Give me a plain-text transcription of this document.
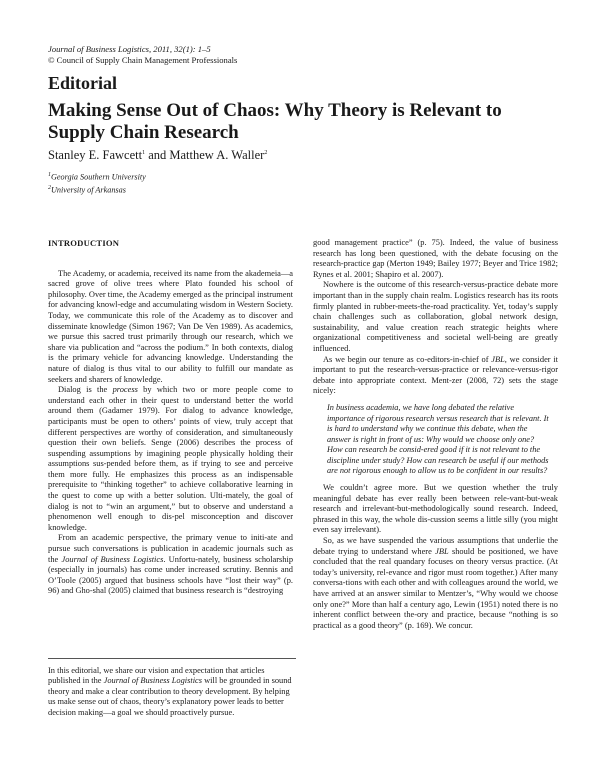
Journal of Business Logistics, 2011, 32(1): 1–5
© Council of Supply Chain Management Professionals
Editorial
Making Sense Out of Chaos: Why Theory is Relevant to Supply Chain Research
Stanley E. Fawcett$^1$ and Matthew A. Waller$^2$
$^1$Georgia Southern University
$^2$University of Arkansas
INTRODUCTION

The Academy, or academia, received its name from the akademeia—a sacred grove of olive trees where Plato founded his school of philosophy. Over time, the Academy emerged as the principal instrument for advancing knowl-edge and accumulating wisdom in Western Society. Today, we communicate this role of the Academy as to discover and disseminate knowledge (Simon 1967; Van De Ven 1989). As academics, we pursue this sacred trust primarily through our research, which we share via publication and “across the podium.” In both contexts, dialog is the primary vehicle for advancing knowledge. Understanding the nature of dialog is thus vital to our ability to fulfill our mandate as seekers and sharers of knowledge.

Dialog is the process by which two or more people come to understand each other in their quest to understand better the world around them (Gadamer 1979). For dialog to advance knowledge, participants must be open to others’ points of view, truly accept that different perspectives are worthy of consideration, and simultaneously question their own beliefs. Senge (2006) describes the process of suspending assumptions by imagining people physically holding their assumptions sus-pended before them, as if trying to see and perceive them more fully. He emphasizes this process as an indispensable prerequisite to “thinking together” to achieve collaborative learning in the quest to come up with a better solution. Ulti-mately, the goal of dialog is not to “win an argument,” but to observe and understand a phenomenon well enough to dis-pel misconception and discover knowledge.

From an academic perspective, the primary venue to initi-ate and pursue such conversations is publication in academic journals such as the Journal of Business Logistics. Unfortu-nately, business scholarship (especially in journals) has come under increased scrutiny. Bennis and O’Toole (2005) argued that business schools have “lost their way” (p. 96) and Gho-shal (2005) claimed that business research is “destroying

In this editorial, we share our vision and expectation that articles published in the Journal of Business Logistics will be grounded in sound theory and make a clear contribution to theory development. By helping us make sense out of chaos, theory’s explanatory power leads to better decision making—a goal we should proactively pursue.

good management practice” (p. 75). Indeed, the value of business research has long been questioned, with the debate focusing on the research-practice gap (Merton 1949; Bailey 1977; Beyer and Trice 1982; Rynes et al. 2001; Shapiro et al. 2007).

Nowhere is the outcome of this research-versus-practice debate more important than in the supply chain realm. Logistics research has its roots firmly planted in rubber-meets-the-road practicality. Yet, today’s supply chain challenges such as collaboration, global network design, sustainability, and value creation reach strategic heights where organizational competitiveness and societal well-being are greatly influenced.

As we begin our tenure as co-editors-in-chief of JBL, we consider it important to put the research-versus-practice or relevance-versus-rigor debate into appropriate context. Ment-zer (2008, 72) sets the stage nicely:

In business academia, we have long debated the relative importance of rigorous research versus research that is relevant. It is hard to understand why we continue this debate, when the answer is right in front of us: Why would we choose only one? How can research be consid-ered good if it is not relevant to the discipline under study? How can research be useful if our methods are not rigorous enough to allow us to be confident in our results?

We couldn’t agree more. But we question whether the truly meaningful debate has ever really been between rele-vant-but-weak research and irrelevant-but-methodologically sound research. Indeed, phrased in this way, the whole dis-cussion seems a little silly (you might even say irrelevant).

So, as we have suspended the various assumptions that underlie the debate trying to understand where JBL should be positioned, we have concluded that the real quandary focuses on theory versus practice. (At today’s university, rel-evance and rigor must room together.) After many conversa-tions with each other and with colleagues around the world, we have arrived at an answer similar to Mentzer’s, “Why would we choose only one?” More than half a century ago, Lewin (1951) noted there is no inherent conflict between the-ory and practice, because “nothing is so practical as a good theory” (p. 169). We concur.
